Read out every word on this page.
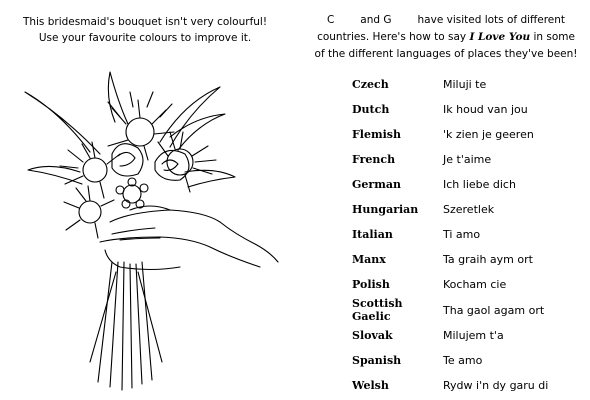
This bridesmaid's bouquet isn't very colourful!
Use your favourite colours to improve it.
C and G have visited lots of different
countries. Here's how to say I Love You in some
of the different languages of places they've been!
Czech	Miluji te
Dutch	Ik houd van jou
Flemish	'k zien je geeren
French	Je t'aime
German	Ich liebe dich
Hungarian	Szeretlek
Italian	Ti amo
Manx	Ta graih aym ort
Polish	Kocham cie
Scottish Gaelic	Tha gaol agam ort
Slovak	Milujem t'a
Spanish	Te amo
Welsh	Rydw i'n dy garu di
